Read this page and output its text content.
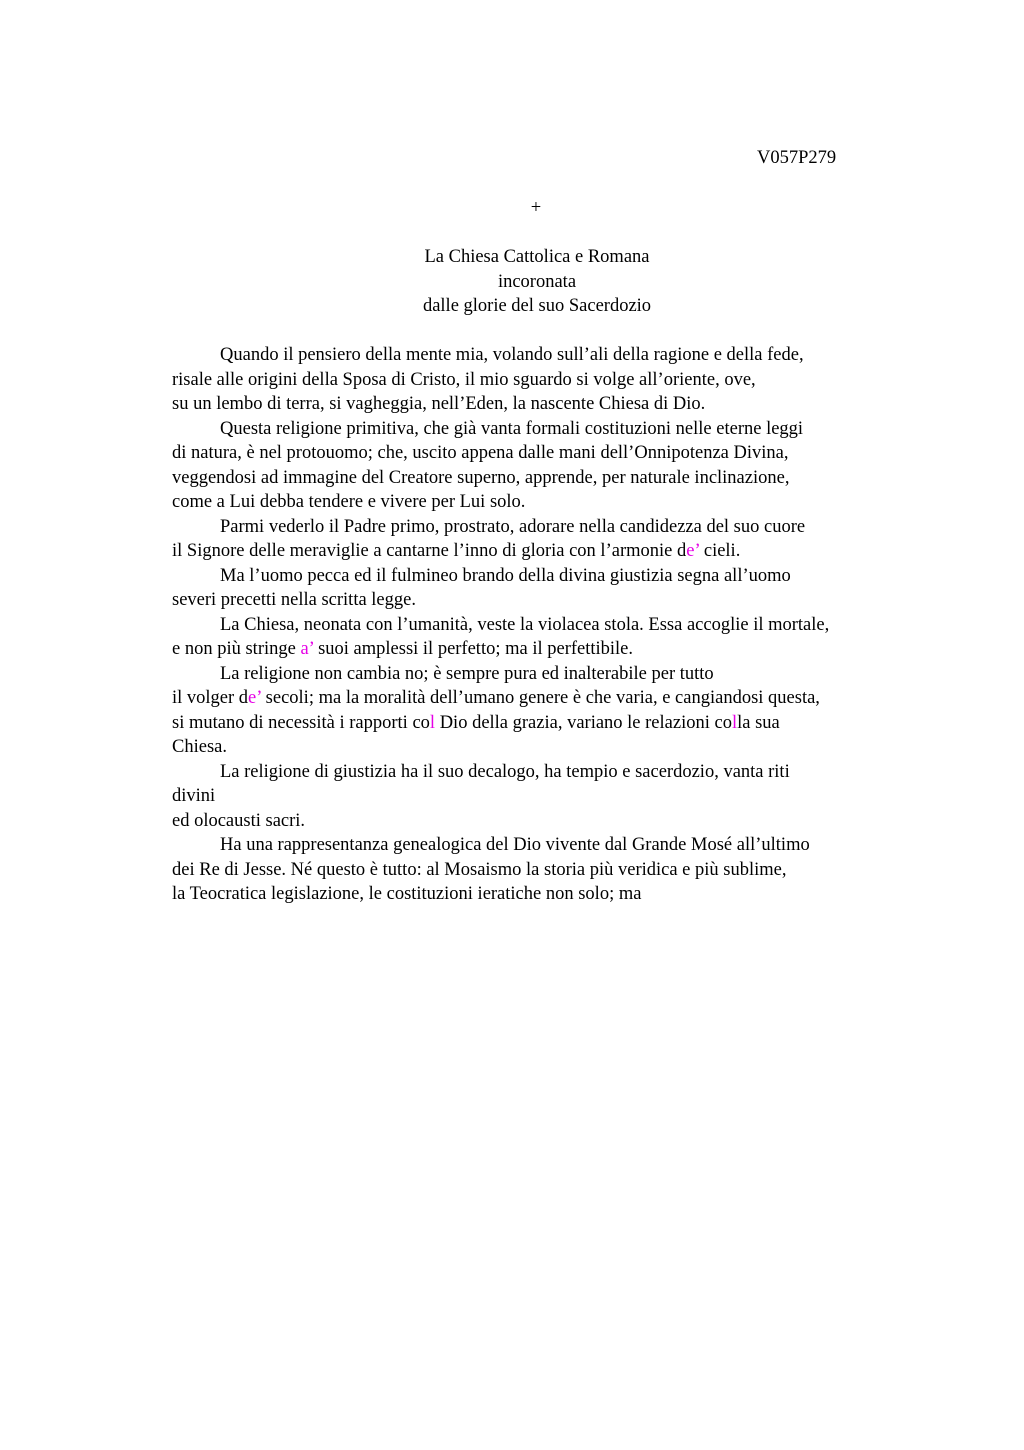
V057P279
+
La Chiesa Cattolica e Romana
incoronata
dalle glorie del suo Sacerdozio
Quando il pensiero della mente mia, volando sull’ali della ragione e della fede,
risale alle origini della Sposa di Cristo, il mio sguardo si volge all’oriente, ove,
su un lembo di terra, si vagheggia, nell’Eden, la nascente Chiesa di Dio.
Questa religione primitiva, che già vanta formali costituzioni nelle eterne leggi
di natura, è nel protouomo; che, uscito appena dalle mani dell’Onnipotenza Divina,
veggendosi ad immagine del Creatore superno, apprende, per naturale inclinazione,
come a Lui debba tendere e vivere per Lui solo.
Parmi vederlo il Padre primo, prostrato, adorare nella candidezza del suo cuore
il Signore delle meraviglie a cantarne l’inno di gloria con l’armonie de’ cieli.
Ma l’uomo pecca ed il fulmineo brando della divina giustizia segna all’uomo
severi precetti nella scritta legge.
La Chiesa, neonata con l’umanità, veste la violacea stola. Essa accoglie il mortale,
e non più stringe a’ suoi amplessi il perfetto; ma il perfettibile.
La religione non cambia no; è sempre pura ed inalterabile per tutto
il volger de’ secoli; ma la moralità dell’umano genere è che varia, e cangiandosi questa,
si mutano di necessità i rapporti col Dio della grazia, variano le relazioni colla sua
Chiesa.
La religione di giustizia ha il suo decalogo, ha tempio e sacerdozio, vanta riti
divini
ed olocausti sacri.
Ha una rappresentanza genealogica del Dio vivente dal Grande Mosé all’ultimo
dei Re di Jesse. Né questo è tutto: al Mosaismo la storia più veridica e più sublime,
la Teocratica legislazione, le costituzioni ieratiche non solo; ma
